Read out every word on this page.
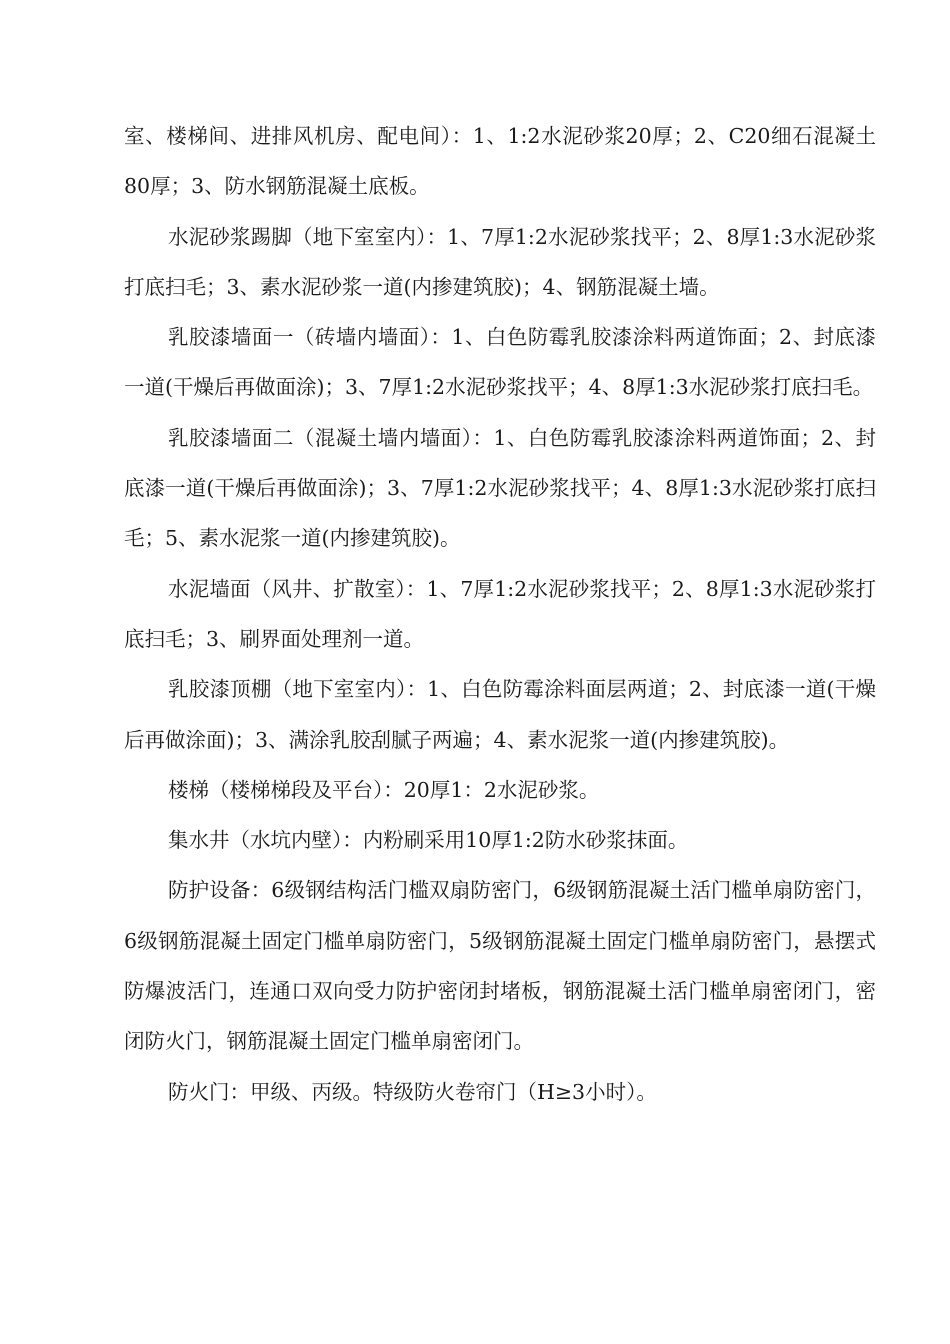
室、楼梯间、进排风机房、配电间）：1、1:2水泥砂浆20厚；2、C20细石混凝土80厚；3、防水钢筋混凝土底板。

水泥砂浆踢脚（地下室室内）：1、7厚1:2水泥砂浆找平；2、8厚1:3水泥砂浆打底扫毛；3、素水泥砂浆一道(内掺建筑胶)；4、钢筋混凝土墙。

乳胶漆墙面一（砖墙内墙面）：1、白色防霉乳胶漆涂料两道饰面；2、封底漆一道(干燥后再做面涂)；3、7厚1:2水泥砂浆找平；4、8厚1:3水泥砂浆打底扫毛。

乳胶漆墙面二（混凝土墙内墙面）：1、白色防霉乳胶漆涂料两道饰面；2、封底漆一道(干燥后再做面涂)；3、7厚1:2水泥砂浆找平；4、8厚1:3水泥砂浆打底扫毛；5、素水泥浆一道(内掺建筑胶)。

水泥墙面（风井、扩散室）：1、7厚1:2水泥砂浆找平；2、8厚1:3水泥砂浆打底扫毛；3、刷界面处理剂一道。

乳胶漆顶棚（地下室室内）：1、白色防霉涂料面层两道；2、封底漆一道(干燥后再做涂面)；3、满涂乳胶刮腻子两遍；4、素水泥浆一道(内掺建筑胶)。

楼梯（楼梯梯段及平台）：20厚1：2水泥砂浆。

集水井（水坑内壁）：内粉刷采用10厚1:2防水砂浆抹面。

防护设备：6级钢结构活门槛双扇防密门，6级钢筋混凝土活门槛单扇防密门，6级钢筋混凝土固定门槛单扇防密门，5级钢筋混凝土固定门槛单扇防密门，悬摆式防爆波活门，连通口双向受力防护密闭封堵板，钢筋混凝土活门槛单扇密闭门，密闭防火门，钢筋混凝土固定门槛单扇密闭门。

防火门：甲级、丙级。特级防火卷帘门（H≥3小时）。
